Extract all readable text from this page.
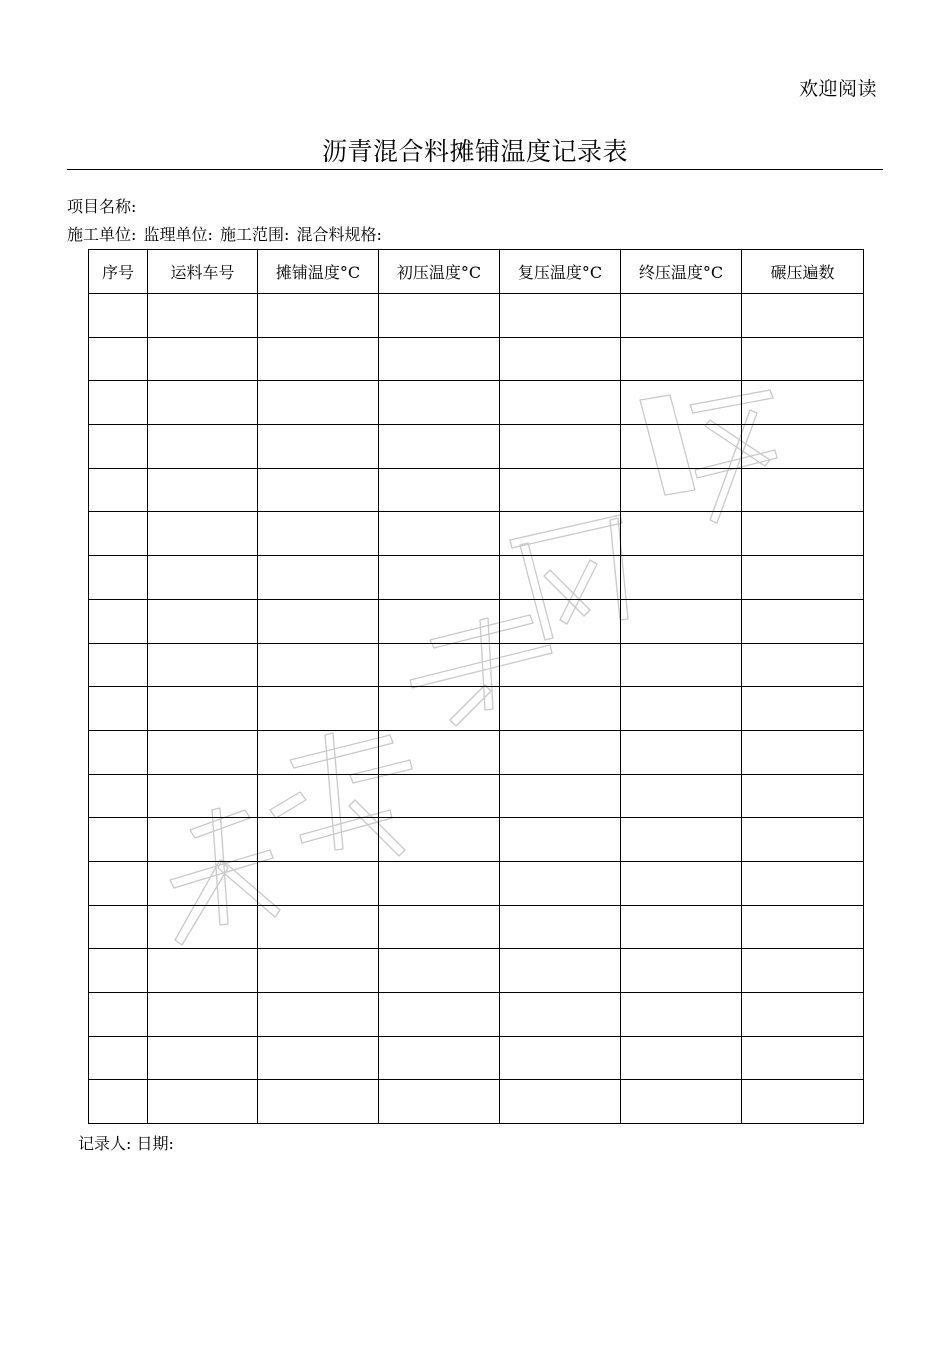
欢迎阅读
沥青混合料摊铺温度记录表
项目名称:
施工单位: 监理单位: 施工范围: 混合料规格:
序号	运料车号	摊铺温度°C	初压温度°C	复压温度°C	终压温度°C	碾压遍数

记录人: 日期:
